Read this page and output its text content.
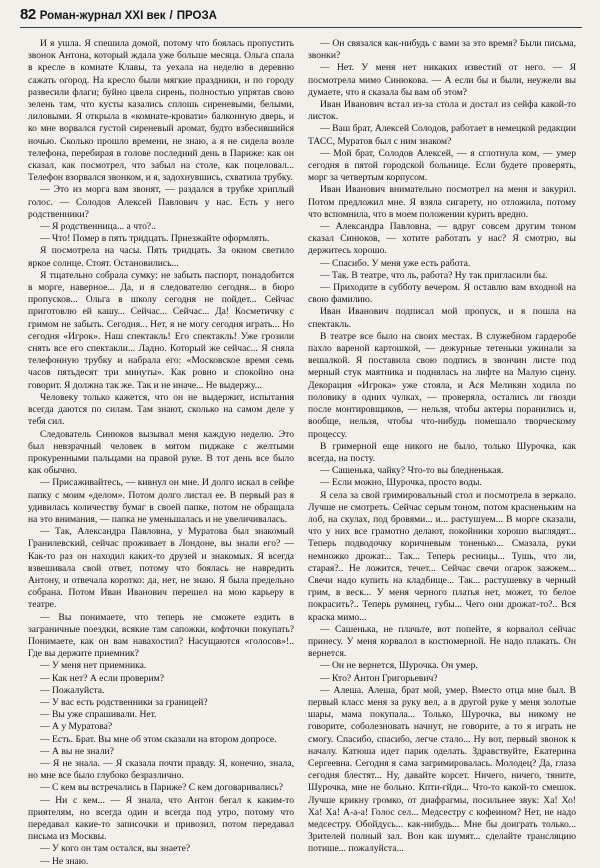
82 Роман-журнал XXI век / ПРОЗА

И я ушла. Я спешила домой, потому что боялась пропустить звонок Антона, который ждала уже больше месяца. Ольга спала в кресле в комнате Клавы, та уехала на неделю в деревню сажать огород. На кресло были мягкие праздники, и по городу развесили флаги; буйно цвела сирень, полностью упрятав свою зелень там, что кусты казались сплошь сиреневыми, белыми, лиловыми. Я открыла в «комнате-кровати» балконную дверь, и ко мне ворвался густой сиреневый аромат, будто взбесившийся ночью. Сколько прошло времени, не знаю, а я не сидела возле телефона, перебирая в голове последний день в Париже: как он сказал, как посмотрел, что забыл на столе, как поцеловал... Телефон взорвался звонком, и я, задохнувшись, схватила трубку.

— Это из морга вам звонят, — раздался в трубке хриплый голос. — Солодов Алексей Павлович у нас. Есть у него родственники?

— Я родственница... а что?..

— Что! Помер в пять тридцать. Приезжайте оформлять.

Я посмотрела на часы. Пять тридцать. За окном светило яркое солнце. Стоят. Остановились...

Я тщательно собрала сумку: не забыть паспорт, понадобится в морге, наверное... Да, и я следователю сегодня... в бюро пропусков... Ольга в школу сегодня не пойдет... Сейчас приготовлю ей кашу... Сейчас... Сейчас... Да! Косметичку с гримом не забыть. Сегодня... Нет, я не могу сегодня играть... Но сегодня «Игрок». Наш спектакль! Его спектакль! Уже грозили снять все его спектакли... Ладно. Который же сейчас... Я сняла телефонную трубку и набрала его: «Московское время семь часов пятьдесят три минуты». Как ровно и спокойно она говорит. Я должна так же. Так и не иначе... Не выдержу...

Человеку только кажется, что он не выдержит, испытания всегда даются по силам. Там знают, сколько на самом деле у тебя сил.

Следователь Синюков вызывал меня каждую неделю. Это был невзрачный человек в мятом пиджаке с желтыми прокуренными пальцами на правой руке. В тот день все было как обычно.

— Присаживайтесь, — кивнул он мне. И долго искал в сейфе папку с моим «делом». Потом долго листал ее. В первый раз я удивилась количеству бумаг в своей папке, потом не обращала на это внимания, — папка не уменьшалась и не увеличивалась.

— Так, Александра Павловна, у Муратова был знакомый Гранилевский, сейчас проживает в Лондоне, вы знали его? — Как-то раз он находил каких-то друзей и знакомых. Я всегда взвешивала свой ответ, потому что боялась не навредить Антону, и отвечала коротко: да, нет, не знаю. Я была предельно собрана. Потом Иван Иванович перешел на мою карьеру в театре.

— Вы понимаете, что теперь не сможете ездить в заграничные поездки, всякие там сапожки, кофточки покупать? Понимаете, как он вам навахостил? Насущаются «голосов»!.. Где вы держите приемник?

— У меня нет приемника.

— Как нет? А если проверим?

— Пожалуйста.

— У вас есть родственники за границей?

— Вы уже спрашивали. Нет.

— А у Муратова?

— Есть. Брат. Вы мне об этом сказали на втором допросе.

— А вы не знали?

— Я не знала. — Я сказала почти правду. Я, конечно, знала, но мне все было глубоко безразлично.

— С кем вы встречались в Париже? С кем договаривались?

— Ни с кем... — Я знала, что Антон бегал к каким-то приятелям, но всегда один и всегда под утро, потому что передавал какие-то записочки и привозил, потом передавал письма из Москвы.

— У кого он там остался, вы знаете?

— Не знаю.

— Он связался как-нибудь с вами за это время? Были письма, звонки?

— Нет. У меня нет никаких известий от него. — Я посмотрела мимо Синюкова. — А если бы и были, неужели вы думаете, что я сказала бы вам об этом?

Иван Иванович встал из-за стола и достал из сейфа какой-то листок.

— Ваш брат, Алексей Солодов, работает в немецкой редакции ТАСС, Муратов был с ним знаком?

— Мой брат, Солодов Алексей, — я сглотнула ком, — умер сегодня в пятой городской больнице. Если будете проверять, морг за четвертым корпусом.

Иван Иванович внимательно посмотрел на меня и закурил. Потом предложил мне. Я взяла сигарету, но отложила, потому что вспомнила, что в моем положении курить вредно.

— Александра Павловна, — вдруг совсем другим тоном сказал Синюков, — хотите работать у нас? Я смотрю, вы держитесь хорошо.

— Спасибо. У меня уже есть работа.

— Так. В театре, что ль, работа? Ну так пригласили бы.

— Приходите в субботу вечером. Я оставлю вам входной на свою фамилию.

Иван Иванович подписал мой пропуск, и я пошла на спектакль.

В театре все было на своих местах. В служебном гардеробе пахло вареной картошкой, — дежурные тетеньки ужинали за вешалкой. Я поставила свою подпись в звончин листе под мерный стук маятника и поднялась на лифте на Малую сцену. Декорация «Игрока» уже стояла, и Ася Меликян ходила по половику в одних чулках, — проверяла, остались ли гвозди после монтировщиков, — нельзя, чтобы актеры поранились и, вообще, нельзя, чтобы что-нибудь помешало творческому процессу.

В гримерной еще никого не было, только Шурочка, как всегда, на посту.

— Сашенька, чайку? Что-то вы бледненькая.

— Если можно, Шурочка, просто воды.

Я села за свой гримировальный стол и посмотрела в зеркало. Лучше не смотреть. Сейчас серым тоном, потом красненьким на лоб, на скулах, под бровями... и... растушуем... В морге сказали, что у них все грамотно делают, покойники хорошо выглядят... Теперь подводочку коричневым тоненько... Смазала, руки немножко дрожат... Так... Теперь ресницы... Тушь, что ли, старая?.. Не ложится, течет... Сейчас свечи огарок зажжем... Свечи надо купить на кладбище... Так... растушевку в черный грим, в веск... У меня черного платья нет, может, то белое покрасить?.. Теперь румянец, губы... Чего они дрожат-то?.. Вся краска мимо...

— Сашенька, не плачьте, вот попейте, я корвалол сейчас принесу. У меня корвалол в костюмерной. Не надо плакать. Он вернется.

— Он не вернется, Шурочка. Он умер.

— Кто? Антон Григорьевич?

— Алеша. Алеша, брат мой, умер. Вместо отца мне был. В первый класс меня за руку вел, а в другой руке у меня золотые шары, мама покупала... Только, Шурочка, вы никому не говорите, соболезновать начнут, не говорите, а то я играть не смогу. Спасибо, спасибо, легче стало... Ну вот, первый звонок к началу. Катюша идет парик оделать. Здравствуйте, Екатерина Сергеевна. Сегодня я сама загримировалась. Молодец? Да, глаза сегодня блестят... Ну, давайте корсет. Ничего, ничего, тяните, Шурочка, мне не больно. Кпти-гйди... Что-то какой-то смешок. Лучше крикну громко, от диафрагмы, посильнее звук: Ха! Хо! Ха! Ха! А-а-а! Голос сел... Медсестру с кофеином? Нет, не надо медсестру. Обойдусь... как-нибудь... Мне бы доиграть только... Зрителей полный зал. Вон как шумят... сделайте трансляцию потише... пожалуйста...
